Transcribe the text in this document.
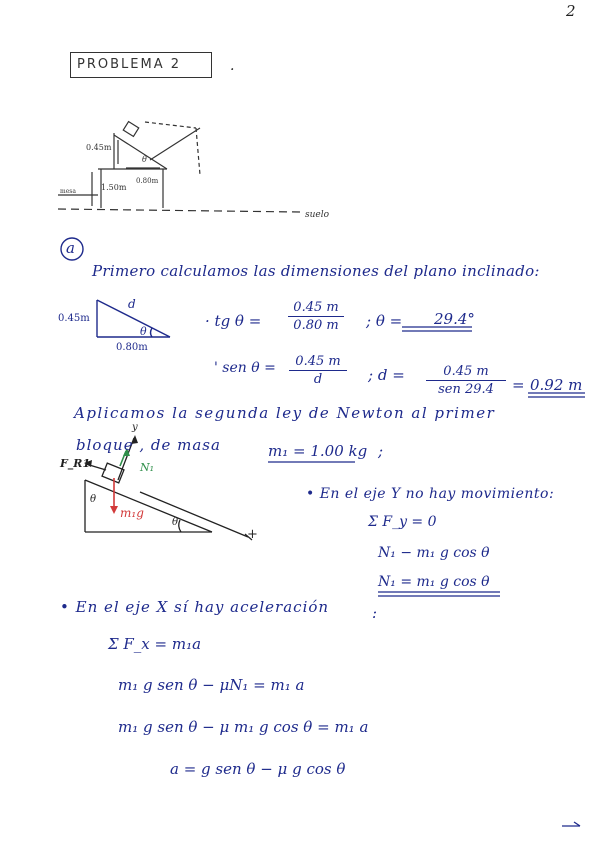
2
PROBLEMA 2	.
0.45m
1.50m
0.80m
θ
mesa
suelo
a
Primero calculamos las dimensiones del plano inclinado:
0.45m
d
θ
0.80m
· tg $\theta = \frac{0.45 m}{0.80 m}$ ; θ = 29.4°
' sen $\theta = \frac{0.45 m}{d}$ ; d =	0.45 m
sen 29.4	= 0.92 m
Aplicamos la segunda ley de Newton al primer
bloque , de masa	m₁ = 1.00 kg ;
F_R1	N₁
m₁g
y
+
θ
θ
• En el eje Y no hay movimiento:
Σ F_y = 0
N₁ − m₁ g cos θ
N₁ = m₁ g cos θ
• En el eje X sí hay aceleración	:
Σ F_x = m₁a
m₁ g sen θ − μN₁ = m₁ a
m₁ g sen θ − μ m₁ g cos θ = m₁ a
a = g sen θ − μ g cos θ
